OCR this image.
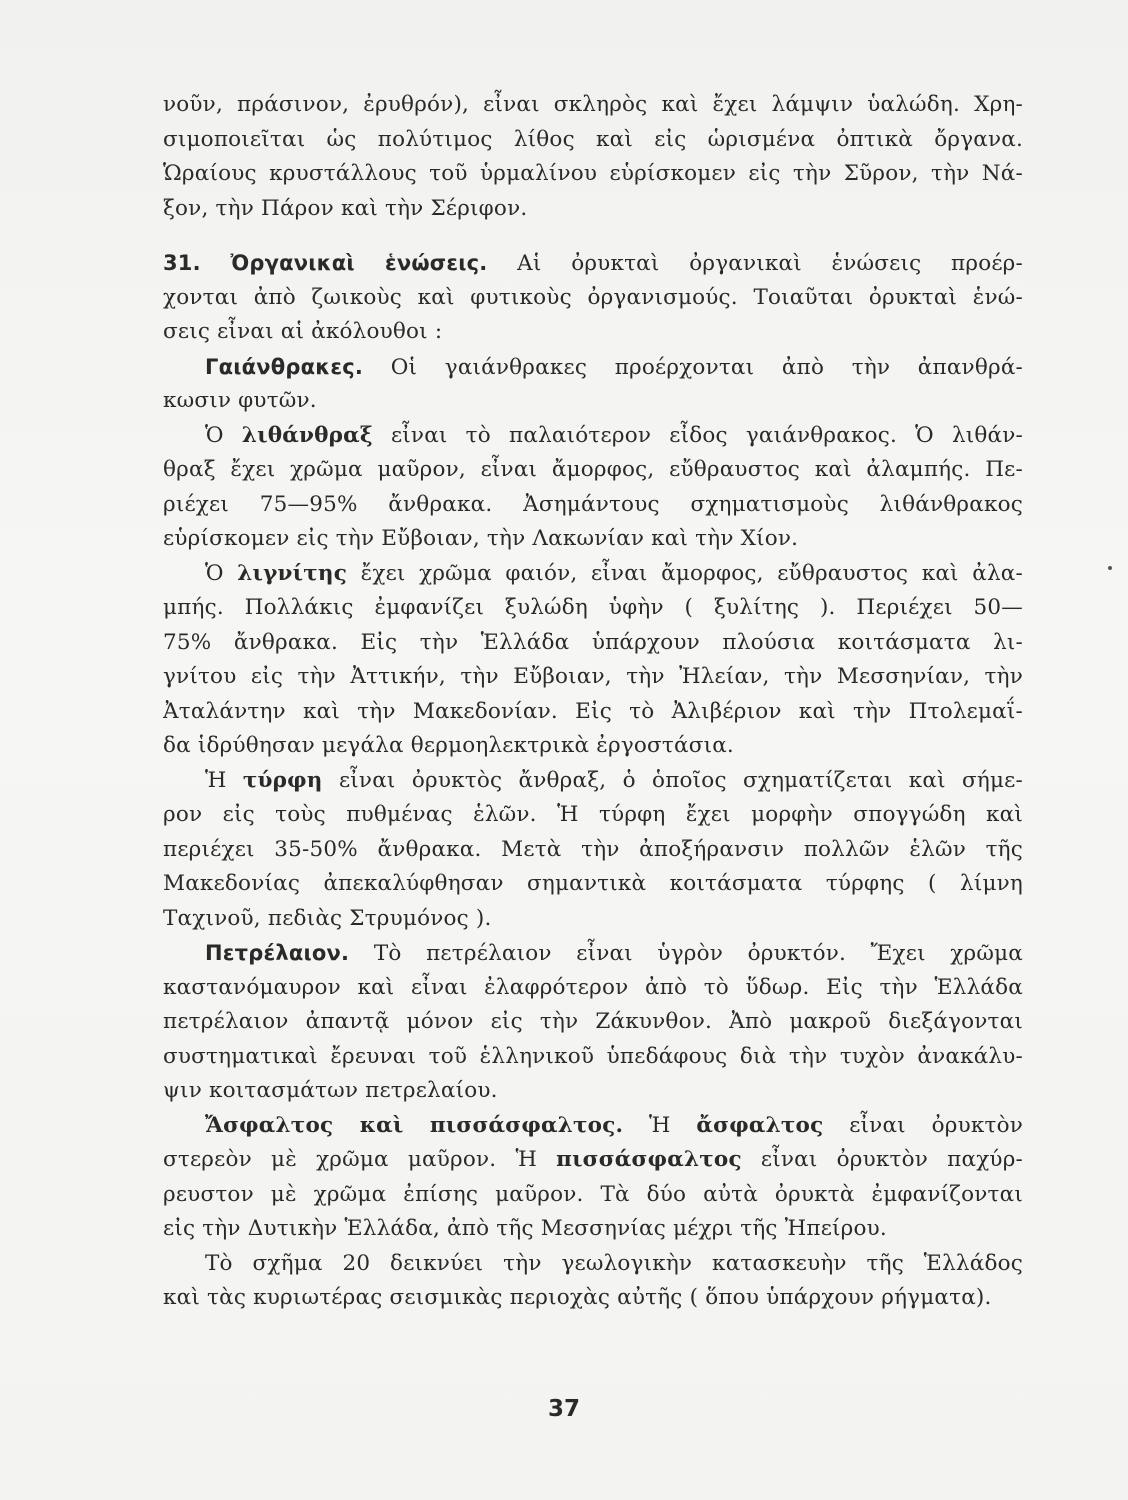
νοῦν, πράσινον, ἐρυθρόν), εἶναι σκληρὸς καὶ ἔχει λάμψιν ὑαλώδη. Χρη-
σιμοποιεῖται ὡς πολύτιμος λίθος καὶ εἰς ὡρισμένα ὀπτικὰ ὄργανα.
Ὡραίους κρυστάλλους τοῦ ὑρμαλίνου εὑρίσκομεν εἰς τὴν Σῦρον, τὴν Νά-
ξον, τὴν Πάρον καὶ τὴν Σέριφον.
31. Ὀργανικαὶ ἑνώσεις. Αἱ ὀρυκταὶ ὀργανικαὶ ἑνώσεις προέρ-
χονται ἀπὸ ζωικοὺς καὶ φυτικοὺς ὀργανισμούς. Τοιαῦται ὀρυκταὶ ἑνώ-
σεις εἶναι αἱ ἀκόλουθοι :
Γαιάνθρακες. Οἱ γαιάνθρακες προέρχονται ἀπὸ τὴν ἀπανθρά-
κωσιν φυτῶν.
Ὁ λιθάνθραξ εἶναι τὸ παλαιότερον εἶδος γαιάνθρακος. Ὁ λιθάν-
θραξ ἔχει χρῶμα μαῦρον, εἶναι ἄμορφος, εὔθραυστος καὶ ἀλαμπής. Πε-
ριέχει 75—95% ἄνθρακα. Ἀσημάντους σχηματισμοὺς λιθάνθρακος
εὑρίσκομεν εἰς τὴν Εὔβοιαν, τὴν Λακωνίαν καὶ τὴν Χίον.
Ὁ λιγνίτης ἔχει χρῶμα φαιόν, εἶναι ἄμορφος, εὔθραυστος καὶ ἀλα-
μπής. Πολλάκις ἐμφανίζει ξυλώδη ὑφὴν ( ξυλίτης ). Περιέχει 50—
75% ἄνθρακα. Εἰς τὴν Ἑλλάδα ὑπάρχουν πλούσια κοιτάσματα λι-
γνίτου εἰς τὴν Ἀττικήν, τὴν Εὔβοιαν, τὴν Ἠλείαν, τὴν Μεσσηνίαν, τὴν
Ἀταλάντην καὶ τὴν Μακεδονίαν. Εἰς τὸ Ἀλιβέριον καὶ τὴν Πτολεμαΐ-
δα ἱδρύθησαν μεγάλα θερμοηλεκτρικὰ ἐργοστάσια.
Ἡ τύρφη εἶναι ὀρυκτὸς ἄνθραξ, ὁ ὁποῖος σχηματίζεται καὶ σήμε-
ρον εἰς τοὺς πυθμένας ἑλῶν. Ἡ τύρφη ἔχει μορφὴν σπογγώδη καὶ
περιέχει 35-50% ἄνθρακα. Μετὰ τὴν ἀποξήρανσιν πολλῶν ἑλῶν τῆς
Μακεδονίας ἀπεκαλύφθησαν σημαντικὰ κοιτάσματα τύρφης ( λίμνη
Ταχινοῦ, πεδιὰς Στρυμόνος ).
Πετρέλαιον. Τὸ πετρέλαιον εἶναι ὑγρὸν ὀρυκτόν. Ἔχει χρῶμα
καστανόμαυρον καὶ εἶναι ἐλαφρότερον ἀπὸ τὸ ὕδωρ. Εἰς τὴν Ἑλλάδα
πετρέλαιον ἀπαντᾷ μόνον εἰς τὴν Ζάκυνθον. Ἀπὸ μακροῦ διεξάγονται
συστηματικαὶ ἔρευναι τοῦ ἑλληνικοῦ ὑπεδάφους διὰ τὴν τυχὸν ἀνακάλυ-
ψιν κοιτασμάτων πετρελαίου.
Ἄσφαλτος καὶ πισσάσφαλτος. Ἡ ἄσφαλτος εἶναι ὀρυκτὸν
στερεὸν μὲ χρῶμα μαῦρον. Ἡ πισσάσφαλτος εἶναι ὀρυκτὸν παχύρ-
ρευστον μὲ χρῶμα ἐπίσης μαῦρον. Τὰ δύο αὐτὰ ὀρυκτὰ ἐμφανίζονται
εἰς τὴν Δυτικὴν Ἑλλάδα, ἀπὸ τῆς Μεσσηνίας μέχρι τῆς Ἠπείρου.
Τὸ σχῆμα 20 δεικνύει τὴν γεωλογικὴν κατασκευὴν τῆς Ἑλλάδος
καὶ τὰς κυριωτέρας σεισμικὰς περιοχὰς αὐτῆς ( ὅπου ὑπάρχουν ρήγματα).
37
